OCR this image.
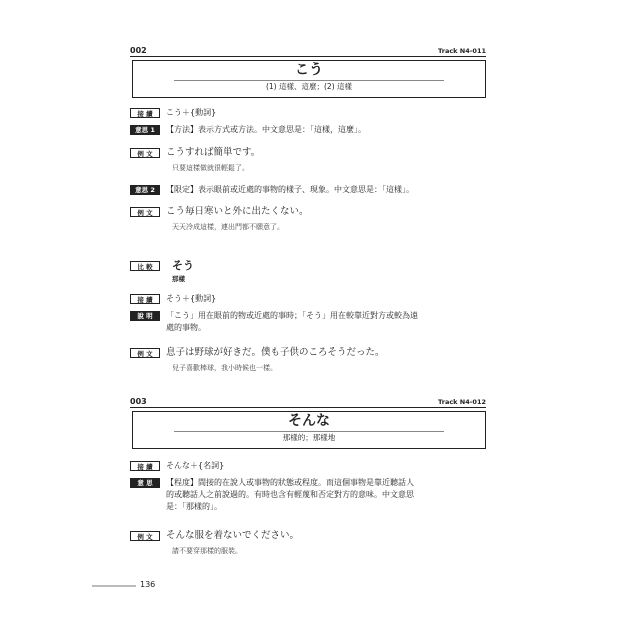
002	Track N4-011
こう
(1) 這樣、這麼；(2) 這樣
接 續	こう＋{動詞}
意思 1	【方法】表示方式或方法。中文意思是：「這樣，這麼」。
例 文	こうすれば簡単です。
只要這樣做就很輕鬆了。
意思 2	【限定】表示眼前或近處的事物的樣子、現象。中文意思是：「這樣」。
例 文	こう毎日寒いと外に出たくない。
天天冷成這樣，連出門都不願意了。
比 較	そう
那樣
接 續	そう＋{動詞}
說 明	「こう」用在眼前的物或近處的事時；「そう」用在較靠近對方或較為遠
處的事物。
例 文	息子は野球が好きだ。僕も子供のころそうだった。
兒子喜歡棒球，我小時候也一樣。
003	Track N4-012
そんな
那樣的；那樣地
接 續	そんな＋{名詞}
意 思	【程度】間接的在說人或事物的狀態或程度。而這個事物是靠近聽話人
的或聽話人之前說過的。有時也含有輕蔑和否定對方的意味。中文意思
是：「那樣的」。
例 文	そんな服を着ないでください。
請不要穿那樣的服裝。
136
